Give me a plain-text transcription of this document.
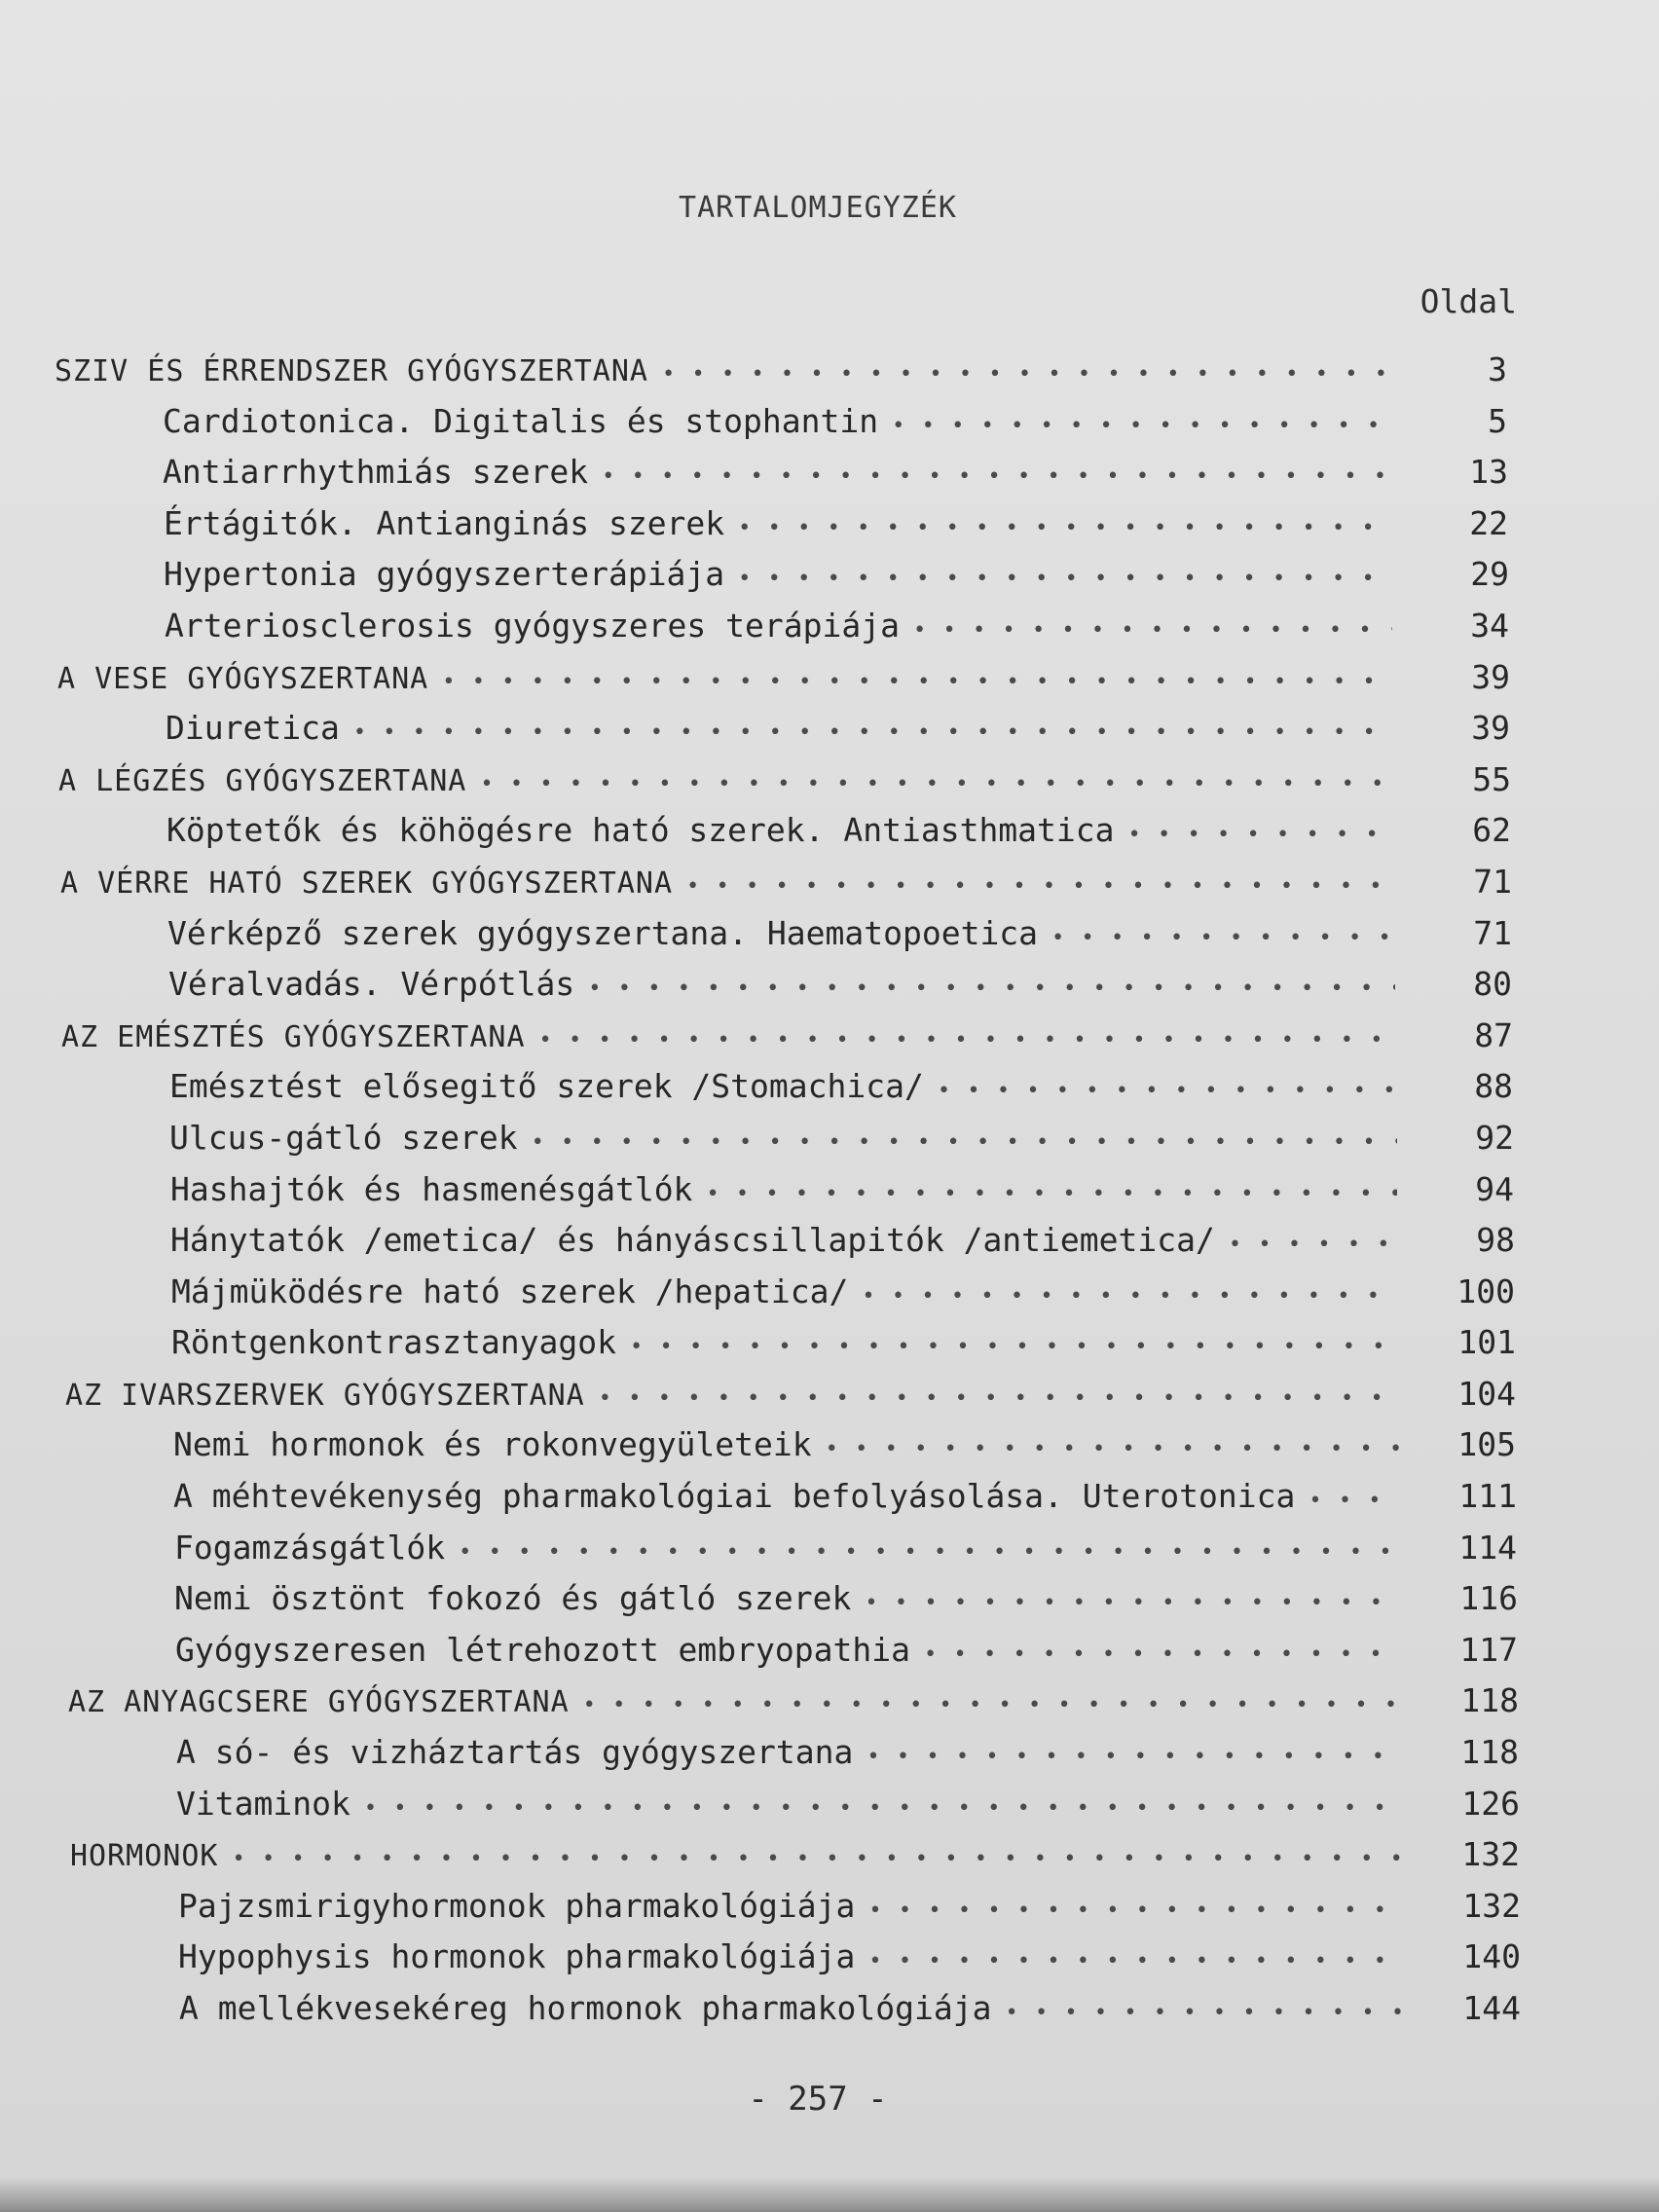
TARTALOMJEGYZÉK
Oldal
SZIV ÉS ÉRRENDSZER GYÓGYSZERTANA • • •	3
Cardiotonica. Digitalis és stophantin • • •	5
Antiarrhythmiás szerek • • •	13
Értágitók. Antianginás szerek • • •	22
Hypertonia gyógyszerterápiája • • •	29
Arteriosclerosis gyógyszeres terápiája • • •	34
A VESE GYÓGYSZERTANA • • •	39
Diuretica • • •	39
A LÉGZÉS GYÓGYSZERTANA • • •	55
Köptetők és köhögésre ható szerek. Antiasthmatica • • •	62
A VÉRRE HATÓ SZEREK GYÓGYSZERTANA • • •	71
Vérképző szerek gyógyszertana. Haematopoetica • • •	71
Véralvadás. Vérpótlás • • •	80
AZ EMÉSZTÉS GYÓGYSZERTANA • • •	87
Emésztést elősegitő szerek /Stomachica/ • • •	88
Ulcus-gátló szerek • • •	92
Hashajtók és hasmenésgátlók • • •	94
Hánytatók /emetica/ és hányáscsillapitók /antiemetica/ • • •	98
Májmüködésre ható szerek /hepatica/ • • •	100
Röntgenkontrasztanyagok • • •	101
AZ IVARSZERVEK GYÓGYSZERTANA • • •	104
Nemi hormonok és rokonvegyületeik • • •	105
A méhtevékenység pharmakológiai befolyásolása. Uterotonica • • •	111
Fogamzásgátlók • • •	114
Nemi ösztönt fokozó és gátló szerek • • •	116
Gyógyszeresen létrehozott embryopathia • • •	117
AZ ANYAGCSERE GYÓGYSZERTANA • • •	118
A só- és vizháztartás gyógyszertana • • •	118
Vitaminok • • •	126
HORMONOK • • •	132
Pajzsmirigyhormonok pharmakológiája • • •	132
Hypophysis hormonok pharmakológiája • • •	140
A mellékvesekéreg hormonok pharmakológiája • • •	144
- 257 -
